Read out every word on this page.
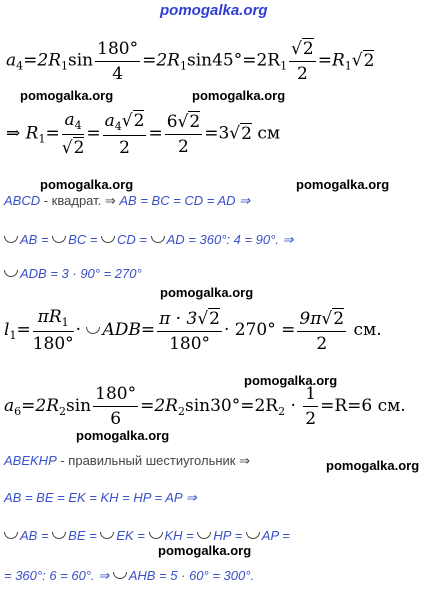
pomogalka.org
$a_4=2R_1\sin \frac{180^\circ}{4} =2R_1\sin 45^\circ=2R_1 \frac{√2}{2} =R_1√2$
pomogalka.org	pomogalka.org
⇒ $R_1= \frac{a_4}{√2} = \frac{a_4√2}{2} = \frac{6√2}{2} =3√2$ см
pomogalka.org	pomogalka.org
ABCD - квадрат. ⇒ AB = BC = CD = AD ⇒
AB = BC = CD = AD = 360°: 4 = 90°. ⇒
ADB = 3 · 90° = 270°
pomogalka.org
$l_1= \frac{\pi R_1}{180^\circ} \cdot ADB= \frac{\pi \cdot 3√2}{180^\circ} \cdot 270^\circ = \frac{9\pi√2}{2}$ см.
pomogalka.org
$a_6=2R_2\sin \frac{180^\circ}{6} =2R_2\sin 30^\circ=2R_2 \cdot \frac{1}{2} =R=6$ см.
pomogalka.org
ABEKHP - правильный шестиугольник ⇒	pomogalka.org
AB = BE = EK = KH = HP = AP ⇒
AB = BE = EK = KH = HP = AP =
pomogalka.org
= 360°: 6 = 60°. ⇒ AHB = 5 · 60° = 300°.
